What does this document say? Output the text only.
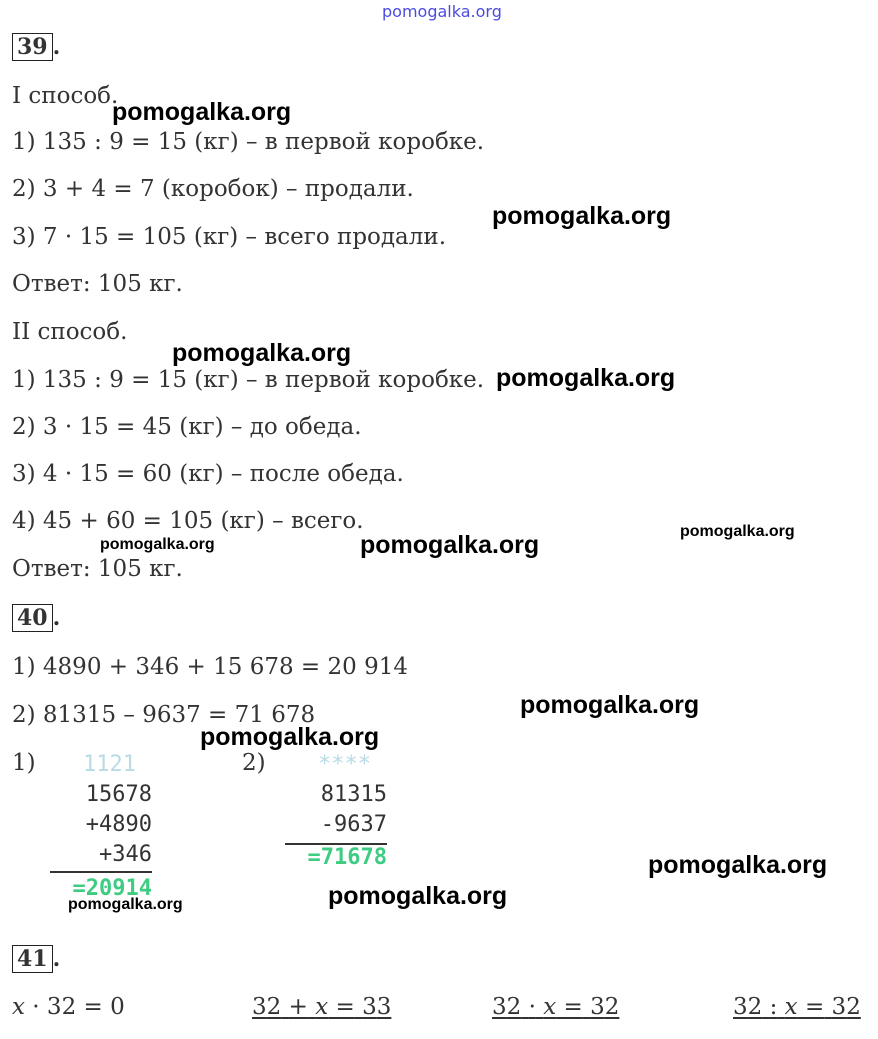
pomogalka.org
39 .
I способ.
1) 135 : 9 = 15 (кг) – в первой коробке.
2) 3 + 4 = 7 (коробок) – продали.
3) 7 · 15 = 105 (кг) – всего продали.
Ответ: 105 кг.
II способ.
1) 135 : 9 = 15 (кг) – в первой коробке.
2) 3 · 15 = 45 (кг) – до обеда.
3) 4 · 15 = 60 (кг) – после обеда.
4) 45 + 60 = 105 (кг) – всего.
Ответ: 105 кг.
40 .
1) 4890 + 346 + 15 678 = 20 914
2) 81315 – 9637 = 71 678
1)	1121
15678
+4890
+346
=20914
2)	****
81315
-9637
=71678
41 .
x · 32 = 0	32 + x = 33	32 · x = 32	32 : x = 32
pomogalka.org
pomogalka.org
pomogalka.org
pomogalka.org
pomogalka.org	pomogalka.org	pomogalka.org
pomogalka.org
pomogalka.org
pomogalka.org
pomogalka.org	pomogalka.org
